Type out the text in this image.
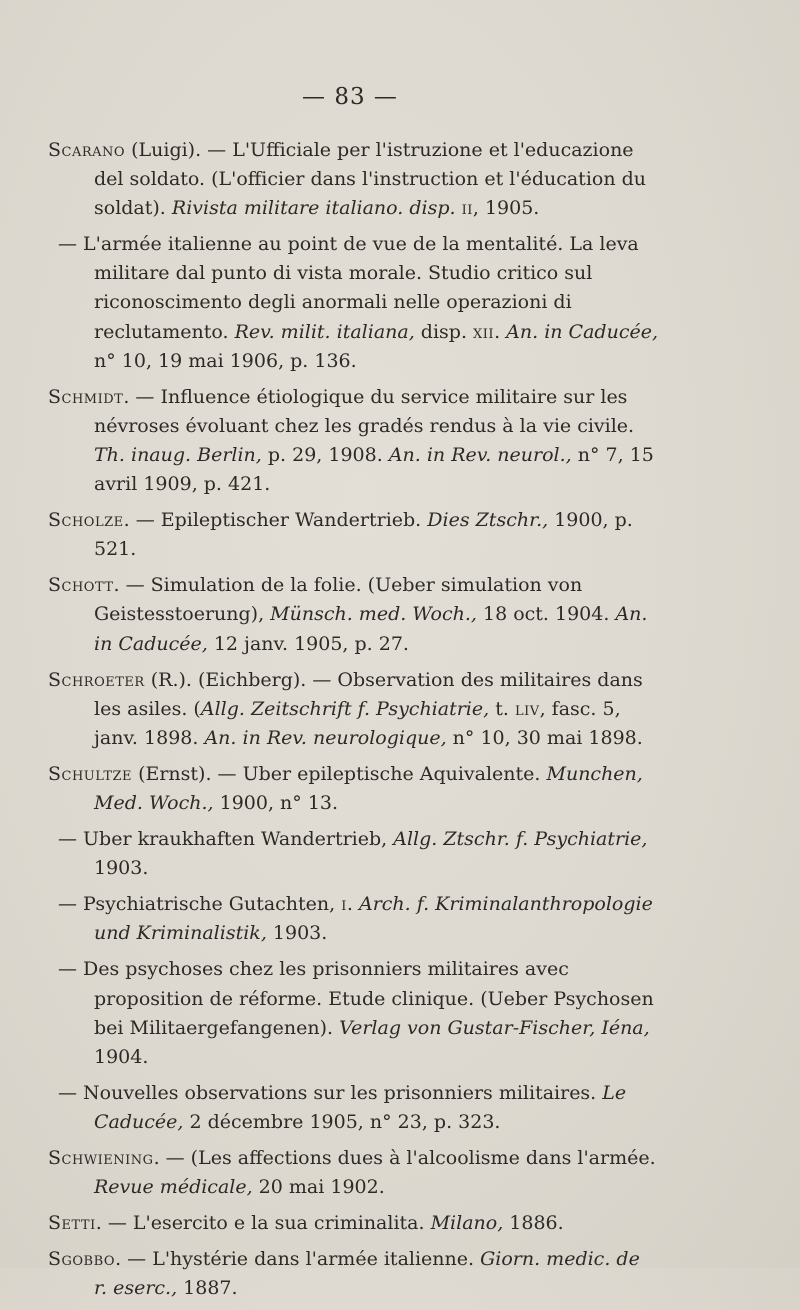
— 83 —

Scarano (Luigi). — L'Ufficiale per l'istruzione et l'educazione del soldato. (L'officier dans l'instruction et l'éducation du soldat). Rivista militare italiano. disp. ii, 1905.

— L'armée italienne au point de vue de la mentalité. La leva militare dal punto di vista morale. Studio critico sul riconoscimento degli anormali nelle operazioni di reclutamento. Rev. milit. italiana, disp. xii. An. in Caducée, n° 10, 19 mai 1906, p. 136.

Schmidt. — Influence étiologique du service militaire sur les névroses évoluant chez les gradés rendus à la vie civile. Th. inaug. Berlin, p. 29, 1908. An. in Rev. neurol., n° 7, 15 avril 1909, p. 421.

Scholze. — Epileptischer Wandertrieb. Dies Ztschr., 1900, p. 521.

Schott. — Simulation de la folie. (Ueber simulation von Geistesstoerung), Münsch. med. Woch., 18 oct. 1904. An. in Caducée, 12 janv. 1905, p. 27.

Schroeter (R.). (Eichberg). — Observation des militaires dans les asiles. (Allg. Zeitschrift f. Psychiatrie, t. liv, fasc. 5, janv. 1898. An. in Rev. neurologique, n° 10, 30 mai 1898.

Schultze (Ernst). — Uber epileptische Aquivalente. Munchen, Med. Woch., 1900, n° 13.

— Uber kraukhaften Wandertrieb, Allg. Ztschr. f. Psychiatrie, 1903.

— Psychiatrische Gutachten, i. Arch. f. Kriminalanthropologie und Kriminalistik, 1903.

— Des psychoses chez les prisonniers militaires avec proposition de réforme. Etude clinique. (Ueber Psychosen bei Militaergefangenen). Verlag von Gustar-Fischer, Iéna, 1904.

— Nouvelles observations sur les prisonniers militaires. Le Caducée, 2 décembre 1905, n° 23, p. 323.

Schwiening. — (Les affections dues à l'alcoolisme dans l'armée. Revue médicale, 20 mai 1902.

Setti. — L'esercito e la sua criminalita. Milano, 1886.

Sgobbo. — L'hystérie dans l'armée italienne. Giorn. medic. de r. eserc., 1887.
